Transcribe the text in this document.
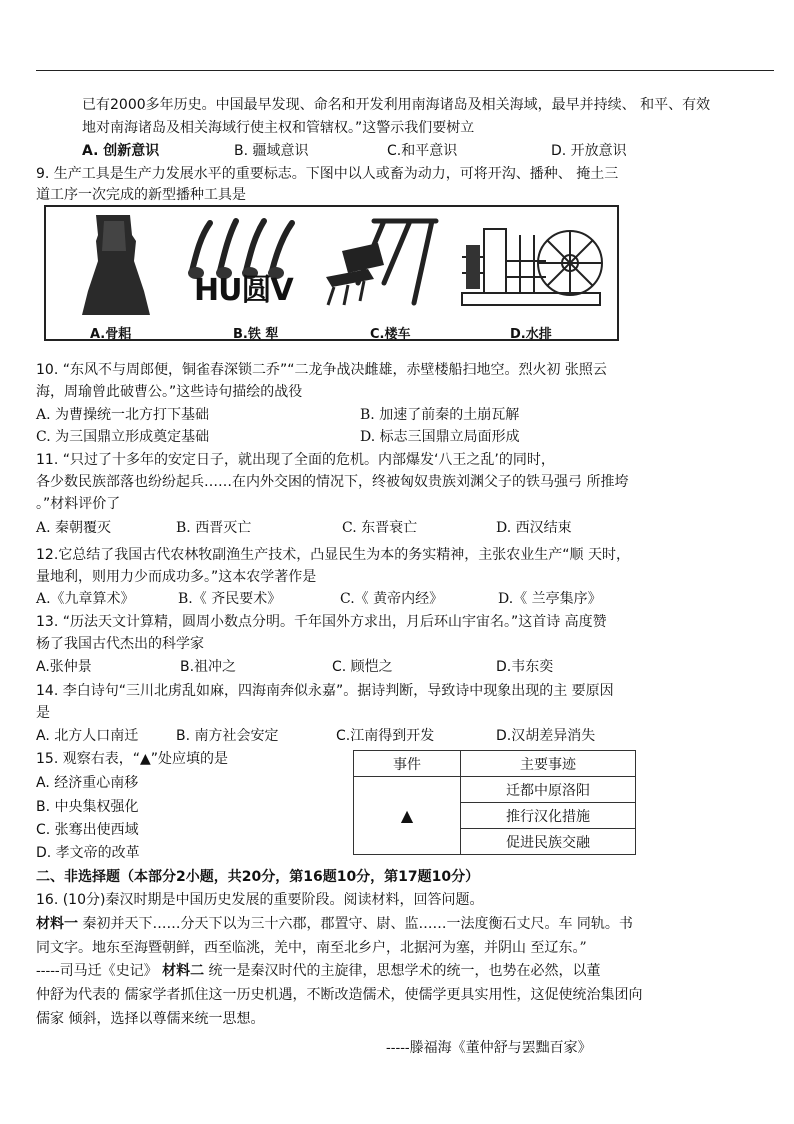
已有2000多年历史。中国最早发现、命名和开发利用南海诸岛及相关海域，最早并持续、 和平、有效
地对南海诸岛及相关海域行使主权和管辖权。”这警示我们要树立
A. 创新意识	B. 疆域意识	C.和平意识	D. 开放意识
9. 生产工具是生产力发展水平的重要标志。下图中以人或畜为动力，可将开沟、播种、 掩土三
道工序一次完成的新型播种工具是
HU圆V
A.骨耜	B.铁 犁	C.楼车	D.水排
10. “东风不与周郎便，铜雀春深锁二乔”“二龙争战决雌雄，赤壁楼船扫地空。烈火初 张照云
海，周瑜曾此破曹公。”这些诗句描绘的战役
A. 为曹操统一北方打下基础	B. 加速了前秦的土崩瓦解
C. 为三国鼎立形成奠定基础	D. 标志三国鼎立局面形成
11. “只过了十多年的安定日子，就出现了全面的危机。内部爆发‘八王之乱’的同时，
各少数民族部落也纷纷起兵……在内外交困的情况下，终被匈奴贵族刘渊父子的铁马强弓 所推垮
。”材料评价了
A. 秦朝覆灭	B. 西晋灭亡	C. 东晋衰亡	D. 西汉结束
12.它总结了我国古代农林牧副渔生产技术，凸显民生为本的务实精神，主张农业生产“顺 天时，
量地利，则用力少而成功多。”这本农学著作是
A.《九章算术》	B.《 齐民要术》	C.《 黄帝内经》	D.《 兰亭集序》
13. “历法天文计算精，圆周小数点分明。千年国外方求出，月后环山宇宙名。”这首诗 高度赞
杨了我国古代杰出的科学家
A.张仲景	B.祖冲之	C. 顾恺之	D.韦东奕
14. 李白诗句“三川北虏乱如麻，四海南奔似永嘉”。据诗判断，导致诗中现象出现的主 要原因
是
A. 北方人口南迁	B. 南方社会安定	C.江南得到开发	D.汉胡差异消失
15. 观察右表，“▲”处应填的是
A. 经济重心南移
B. 中央集权强化
C. 张骞出使西域
D. 孝文帝的改革
事件	主要事迹
▲	迁都中原洛阳
	推行汉化措施
	促进民族交融
二、非选择题（本部分2小题，共20分，第16题10分，第17题10分）
16. (10分)秦汉时期是中国历史发展的重要阶段。阅读材料，回答问题。
材料一 秦初并天下……分天下以为三十六郡，郡置守、尉、监……一法度衡石丈尺。车 同轨。书
同文字。地东至海暨朝鲜，西至临洮，羌中，南至北乡户，北据河为塞，并阴山 至辽东。”
-----司马迁《史记》 材料二 统一是秦汉时代的主旋律，思想学术的统一，也势在必然，以董
仲舒为代表的 儒家学者抓住这一历史机遇，不断改造儒术，使儒学更具实用性，这促使统治集团向
儒家 倾斜，选择以尊儒来统一思想。
-----滕福海《董仲舒与罢黜百家》
